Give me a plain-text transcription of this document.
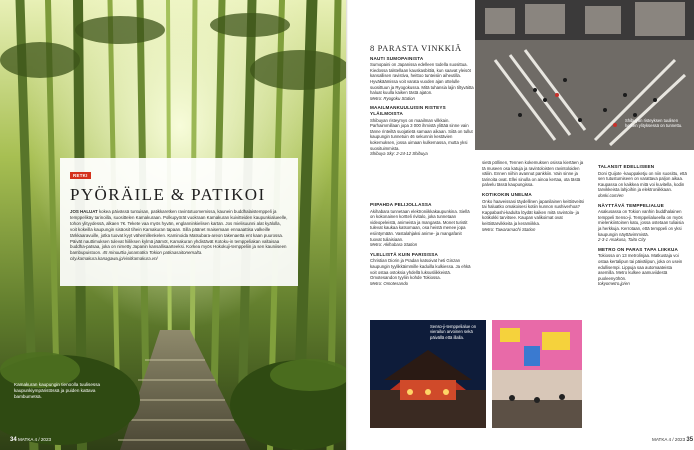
Kamakuran kaupungin tienoolla tuulisessa kaupunkiympäristössä ja puiden kattava bambumetsä.
RETKI
PYÖRÄILE & PATIKOI
JOS HALUAT kokea päivässä tuntuisan, patikkaretken ravintotuomemissa, kaunein buddhalaistemppeli ja temppelikäy tarinoilla, suosittelen Kamakuraan. Polkupyörät vuokraan Kamakuran kuivitteiden kaupunkialueelle, tohon ylityydessä, alkaen 7€. Tekete vaa myös hyvän, englanninkielisen kartan. Jos mielisuunni alat kyälolla, voit kokeilla kaupungin sisäosit tihein Kamakuran tapaan. Silla päänet maisemaan ennaaattisa valkeille tärkkaaravuille, jotka tuovat kyyt vähemillenkelen. Kaminoida Matsubara-areon takenaetta ent kaan puurossa. Päivät nauttimuksen tulevat hiiliksen kylmä jäämöt, Kamakuran yhdistävät Kotoku-in temppeliakan valtaisaa buddha-patsaa, joka on nimetty Japanin kansallisaarteeksi. Korkea myös Hokokuji-temppeliin ja sen kauniiseen bambupuistoon. 45 minuuttia junamatka Tokion patkaasaitonemalta. city.kamakura.kanagawa.jp/visitkamakura.vn/
34 MATKA 4 / 2023
8 PARASTA VINKKIÄ
NAUTI SUMOPAINISTA

Sumopaini on Japanissa edelleen todella suosittua. Kiedossa talstellaan kauskasbittiä, kun saavat yleisöt kansallisen ravistiva, heittoo tunteisiin aiheutilla. Hyväkäämissa voit varata vuoden ajan ottelulle suosittuun ja Ryogokussa. Mitä tuhansia lajin tiltyväitta haluat kuulla kaiken tästä ajaton.

Metro: Ryogoku Station

MAAILMANKUULUISIN RISTEYS YLÄILMOISTA

Shibuyan risteymys on maailman vilkkain. Parhaimmillaan jopa 3 000 ihmistä ylittää sinne vain tänne rinteiltä suojatietä samaan aikaan. Siitä on tullut kaupungin tunnetuin 46 sekunnin kestävien kokemuksen, jossa uimaan kulkemassa, mutta yksi suosituimmista.

Shibuya Sky: 2-24-12 Shibuya

PIIPAHDA PELIJOLLASSA

Akihabara tunnetaan elektroniikkakaupunkina. Siellä on kokonainen kortteli rivitalo, joka tunnetaan videopeleistä, animeista ja mangasta. Monet turistit tulevat kaukaa katsomaan, osa heistä menee jopa esiintymään. Vastalahjaksi anime- ja mangafanit tuovat tuliaisiaan.

Metro: Akihabara Station

YLELLISTÄ KUIN PARISISSA

Christian Diorin ja Pradan katsoivat heti Ginzan kaupungin tyylikkäimmille kaduilla kulkiessa. Ja ehkä voit ostaa ostoksia yhdellä luksusliikkeistä. Omotesandon tyyliin kohde Tokiossa.

Metro: Omotesando

sietä pöllinen, Tennen kokemuksen osissa kiertäen ja tä museen osa katuja ja ravintoloisten ravintoloiden väliin. Ennen niihin avannut pankkiin. Vain sinne ja tarinoita ovat. Ellei sinulla on ainoa kertaa, ota tästä palvelu tässä kaupungissa.

KOTIKOKIN UNELMA

Onko haaveissasi täydellinen japanilainen keittiöveitsi tai haluatko omakoisesi kotiin kunnon sushiverhoa? Kappabashi-kadulta löydät kaiken mitä ravintola- ja kotikokki tarvitsee. Kaupan valikoimat ovat keittiötarvikkeita ja keramiikka.

Metro: Tawaramachi Station

Shibuyan risteyksen tuulisen hetken ylityksessä on tunnettu.
TALANSIT EDELLISEEN

Doni Quijote -kauppaketju on niin suosittu, että sen tutustumiseen on varattava paljon aikaa. Kaupassa on kaikkea mitä voi kuvitella, kodin tarvikkeista lahjoihin ja elektroniikkaan.

donki.com/en

NÄYTTÄVÄ TEMPPELIALUE

Asakusassa on Tokion vanhin buddhalainen temppeli Senso-ji. Temppelialueella on myös mielenkiintoinen katu, jossa ostetaan tuliaisia ja herkkuja. Kerrotaan, että temppeli on yksi kaupungin näyttävimmistä.

2-3-1 Asakusa, Taito City

METRO ON PARAS TAPA LIIKKUA

Tokiossa on 13 metrolinjaa. Matkustaja voi ostaa kertalipun tai päivälipun, joka on usein edullisempi. Lippuja saa automaateista asemilla. Metro kulkee aamuviidestä puoleenyöhön.

tokyometro.jp/en

Senso-ji-temppelialue on vierailun arvoinen sekä päivällä että illalla.
MATKA 4 / 2023 35
